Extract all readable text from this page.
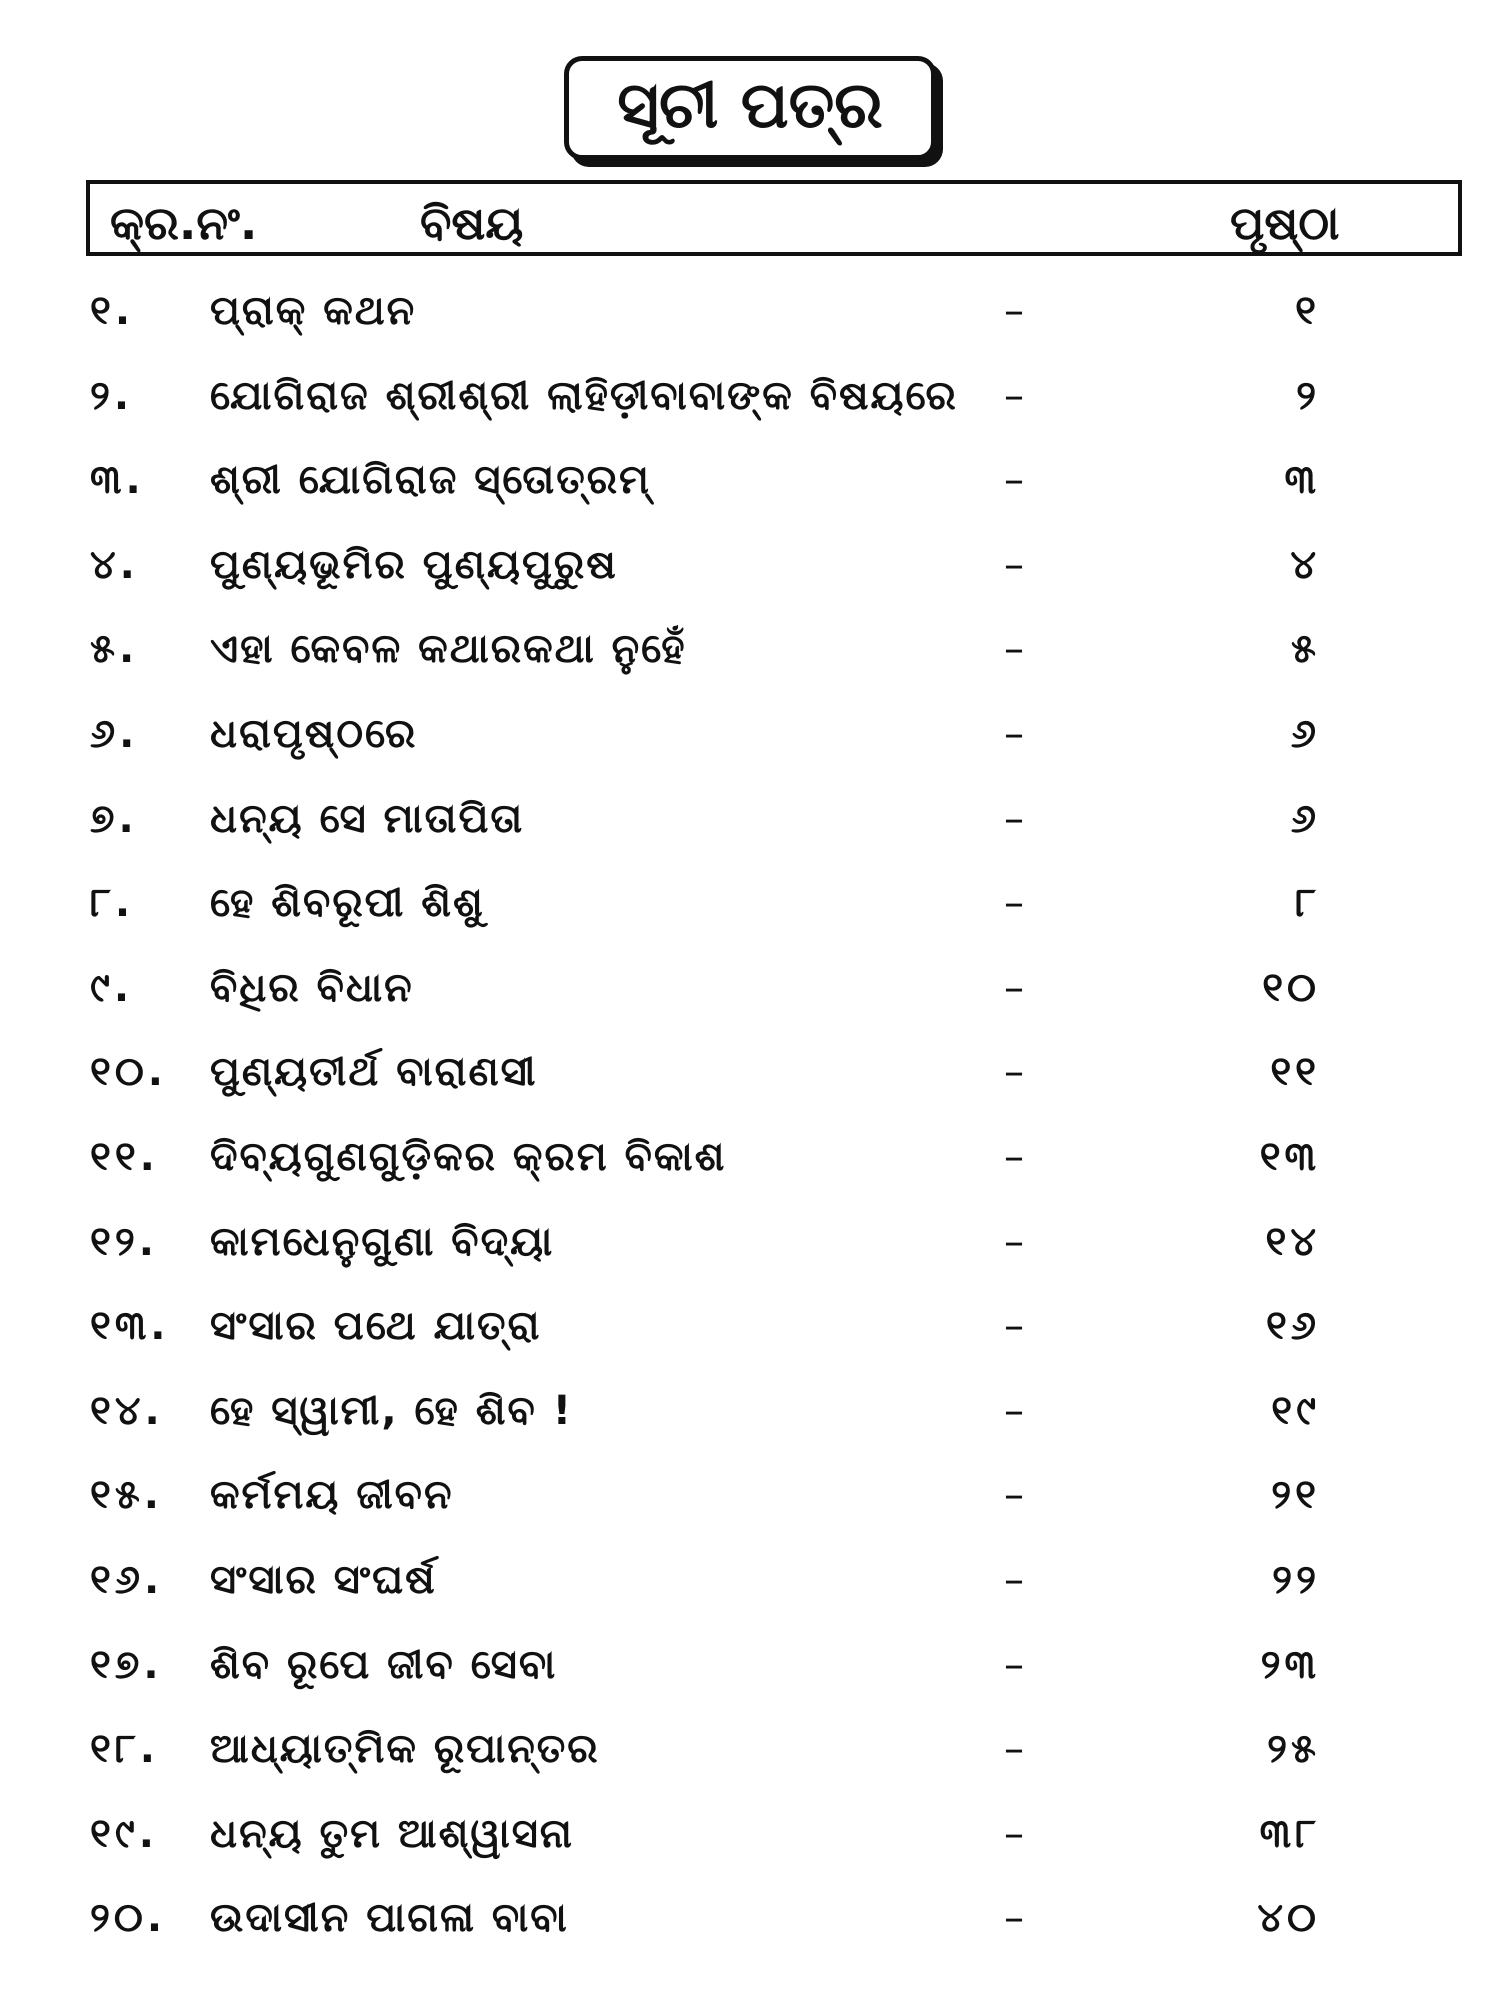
ସୂଚୀ ପତ୍ର
କ୍ର.ନଂ.	ବିଷୟ	ପୃଷ୍ଠା
୧. ପ୍ରାକ୍ କଥନ	–	୧
୨. ଯୋଗିରାଜ ଶ୍ରୀଶ୍ରୀ ଲାହିଡ଼ୀବାବାଙ୍କ ବିଷୟରେ –	୨
୩. ଶ୍ରୀ ଯୋଗିରାଜ ସ୍ତୋତ୍ରମ୍	–	୩
୪. ପୁଣ୍ୟଭୂମିର ପୁଣ୍ୟପୁରୁଷ	–	୪
୫. ଏହା କେବଳ କଥାରକଥା ନୁହେଁ	–	୫
୬. ଧରାପୃଷ୍ଠରେ	–	୬
୭. ଧନ୍ୟ ସେ ମାତାପିତା	–	୬
୮. ହେ ଶିବରୂପୀ ଶିଶୁ	–	୮
୯. ବିଧିର ବିଧାନ	–	୧୦
୧୦. ପୁଣ୍ୟତୀର୍ଥ ବାରାଣସୀ	–	୧୧
୧୧. ଦିବ୍ୟଗୁଣଗୁଡ଼ିକର କ୍ରମ ବିକାଶ	–	୧୩
୧୨. କାମଧେନୁଗୁଣା ବିଦ୍ୟା	–	୧୪
୧୩. ସଂସାର ପଥେ ଯାତ୍ରା	–	୧୬
୧୪. ହେ ସ୍ୱାମୀ, ହେ ଶିବ !	–	୧୯
୧୫. କର୍ମମୟ ଜୀବନ	–	୨୧
୧୬. ସଂସାର ସଂଘର୍ଷ	–	୨୨
୧୭. ଶିବ ରୂପେ ଜୀବ ସେବା	–	୨୩
୧୮. ଆଧ୍ୟାତ୍ମିକ ରୂପାନ୍ତର	–	୨୫
୧୯. ଧନ୍ୟ ତୁମ ଆଶ୍ୱାସନା	–	୩୮
୨୦. ଉଦାସୀନ ପାଗଳା ବାବା	–	୪୦
